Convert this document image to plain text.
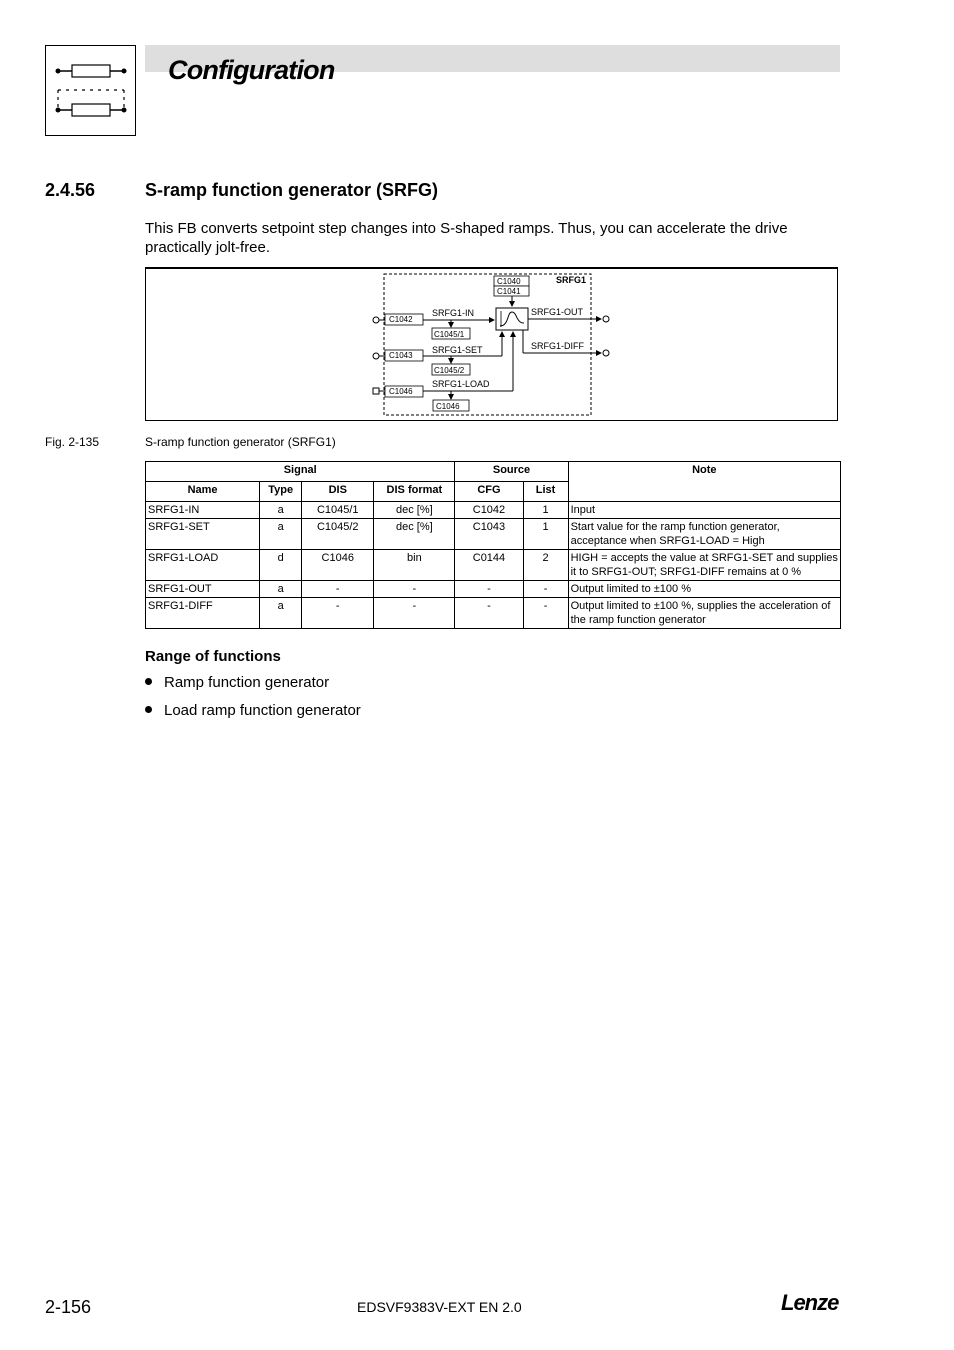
Configuration
2.4.56	S-ramp function generator (SRFG)
This FB converts setpoint step changes into S-shaped ramps. Thus, you can accelerate the drive practically jolt-free.
SRFG1
C1040
C1041
C1042
SRFG1-IN
C1045/1
C1043
SRFG1-SET
C1045/2
C1046
SRFG1-LOAD
C1046
SRFG1-OUT
SRFG1-DIFF
Fig. 2-135	S-ramp function generator (SRFG1)
Signal				Source		Note
Name	Type	DIS	DIS format	CFG	List	
SRFG1-IN	a	C1045/1	dec [%]	C1042	1	Input
SRFG1-SET	a	C1045/2	dec [%]	C1043	1	Start value for the ramp function generator, acceptance when SRFG1-LOAD = High
SRFG1-LOAD	d	C1046	bin	C0144	2	HIGH = accepts the value at SRFG1-SET and supplies it to SRFG1-OUT; SRFG1-DIFF remains at 0 %
SRFG1-OUT	a	-	-	-	-	Output limited to ±100 %
SRFG1-DIFF	a	-	-	-	-	Output limited to ±100 %, supplies the acceleration of the ramp function generator
Range of functions
Ramp function generator
Load ramp function generator
2-156	EDSVF9383V-EXT EN 2.0	Lenze
